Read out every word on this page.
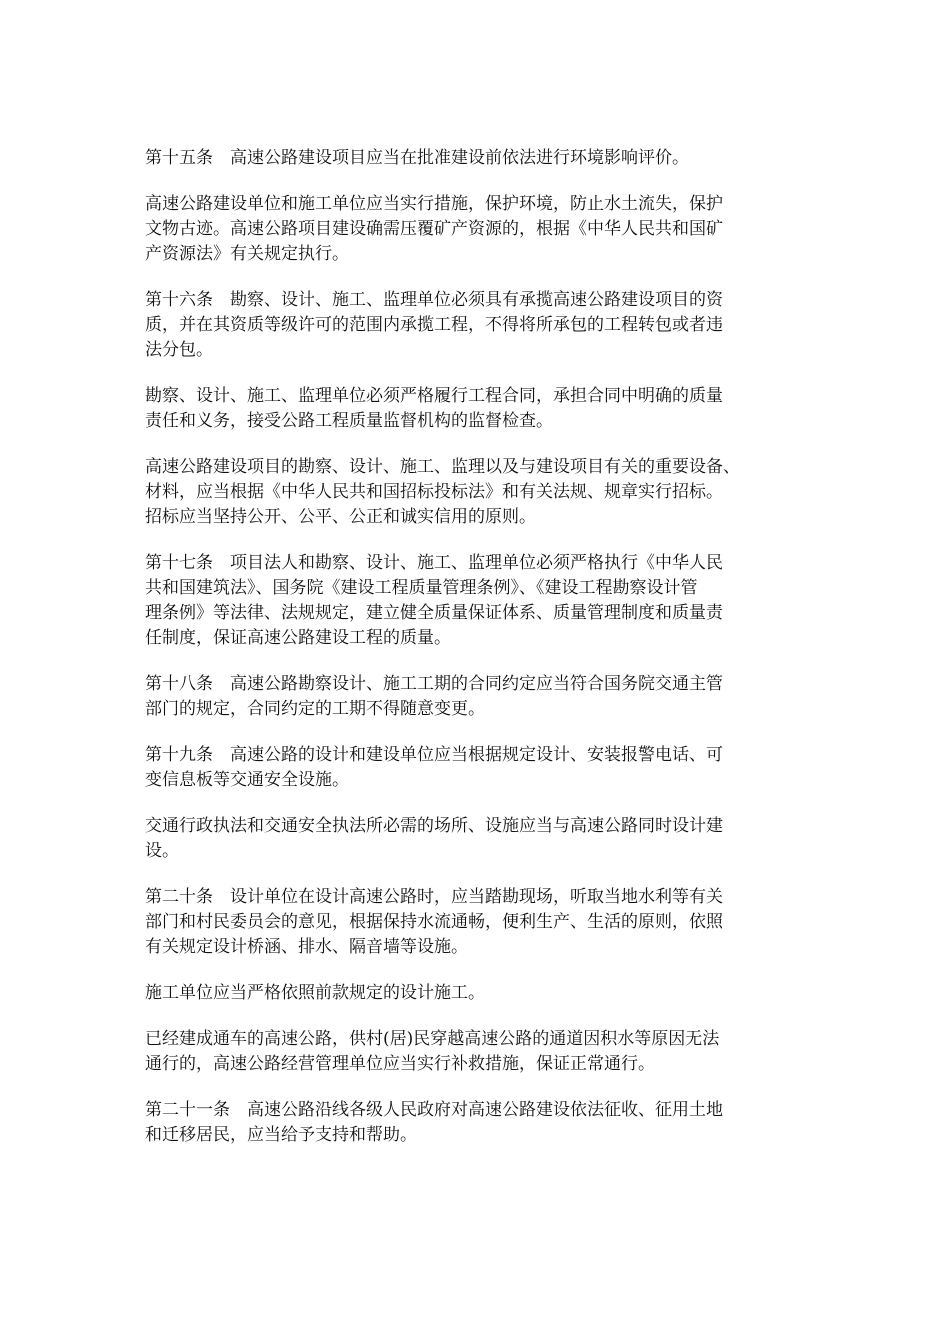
第十五条　高速公路建设项目应当在批准建设前依法进行环境影响评价。

高速公路建设单位和施工单位应当实行措施，保护环境，防止水土流失，保护
文物古迹。高速公路项目建设确需压覆矿产资源的，根据《中华人民共和国矿
产资源法》有关规定执行。

第十六条　勘察、设计、施工、监理单位必须具有承揽高速公路建设项目的资
质，并在其资质等级许可的范围内承揽工程，不得将所承包的工程转包或者违
法分包。

勘察、设计、施工、监理单位必须严格履行工程合同，承担合同中明确的质量
责任和义务，接受公路工程质量监督机构的监督检查。

高速公路建设项目的勘察、设计、施工、监理以及与建设项目有关的重要设备、
材料，应当根据《中华人民共和国招标投标法》和有关法规、规章实行招标。
招标应当坚持公开、公平、公正和诚实信用的原则。

第十七条　项目法人和勘察、设计、施工、监理单位必须严格执行《中华人民
共和国建筑法》、国务院《建设工程质量管理条例》、《建设工程勘察设计管
理条例》等法律、法规规定，建立健全质量保证体系、质量管理制度和质量责
任制度，保证高速公路建设工程的质量。

第十八条　高速公路勘察设计、施工工期的合同约定应当符合国务院交通主管
部门的规定，合同约定的工期不得随意变更。

第十九条　高速公路的设计和建设单位应当根据规定设计、安装报警电话、可
变信息板等交通安全设施。

交通行政执法和交通安全执法所必需的场所、设施应当与高速公路同时设计建
设。

第二十条　设计单位在设计高速公路时，应当踏勘现场，听取当地水利等有关
部门和村民委员会的意见，根据保持水流通畅，便利生产、生活的原则，依照
有关规定设计桥涵、排水、隔音墙等设施。

施工单位应当严格依照前款规定的设计施工。

已经建成通车的高速公路，供村(居)民穿越高速公路的通道因积水等原因无法
通行的，高速公路经营管理单位应当实行补救措施，保证正常通行。

第二十一条　高速公路沿线各级人民政府对高速公路建设依法征收、征用土地
和迁移居民，应当给予支持和帮助。
